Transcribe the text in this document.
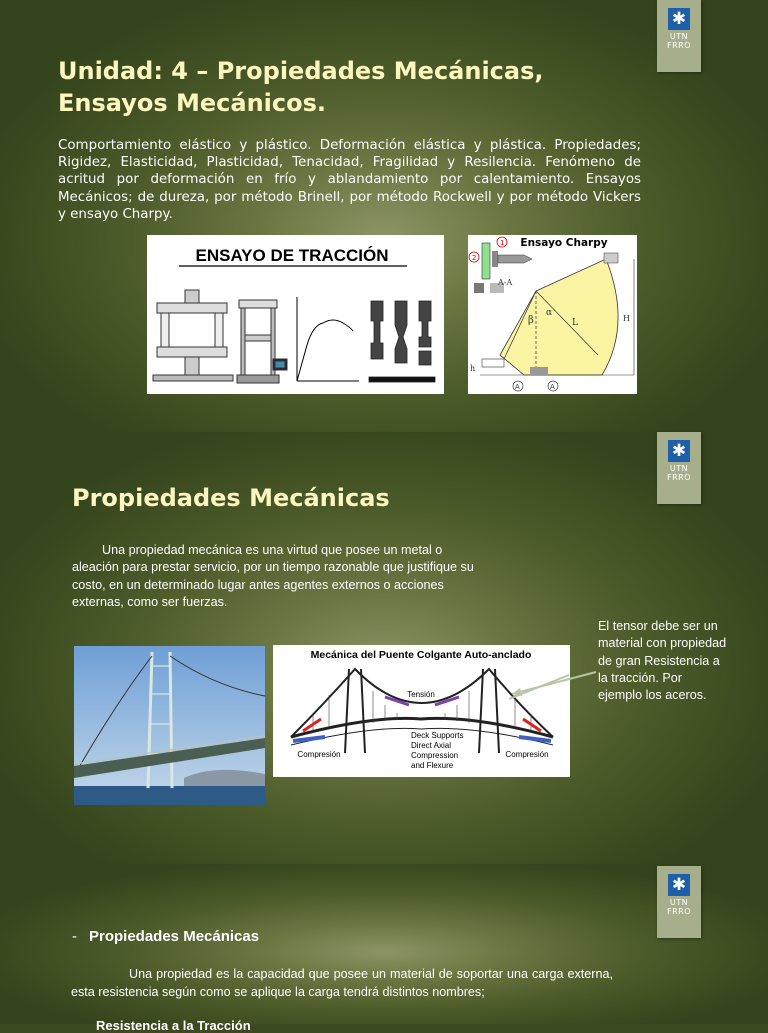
✱
UTN
FRRO
Unidad: 4 – Propiedades Mecánicas, Ensayos Mecánicos.

Comportamiento elástico y plástico. Deformación elástica y plástica. Propiedades; Rigidez, Elasticidad, Plasticidad, Tenacidad, Fragilidad y Resilencia. Fenómeno de acritud por deformación en frío y ablandamiento por calentamiento. Ensayos Mecánicos; de dureza, por método Brinell, por método Rockwell y por método Vickers y ensayo Charpy.

ENSAYO DE TRACCIÓN
Ensayo Charpy
1
2
A-A
β
α
L	H
h
A	A
✱
UTN
FRRO
Propiedades Mecánicas

Una propiedad mecánica es una virtud que posee un metal o aleación para prestar servicio, por un tiempo razonable que justifique su costo, en un determinado lugar antes agentes externos o acciones externas, como ser fuerzas.

El tensor debe ser un material con propiedad de gran Resistencia a la tracción. Por ejemplo los aceros.

Mecánica del Puente Colgante Auto-anclado
Tensión
Compresión	Compresión
Deck Supports
Direct Axial
Compression
and Flexure
✱
UTN
FRRO
- Propiedades Mecánicas

Una propiedad es la capacidad que posee un material de soportar una carga externa, esta resistencia según como se aplique la carga tendrá distintos nombres;

Resistencia a la Tracción
